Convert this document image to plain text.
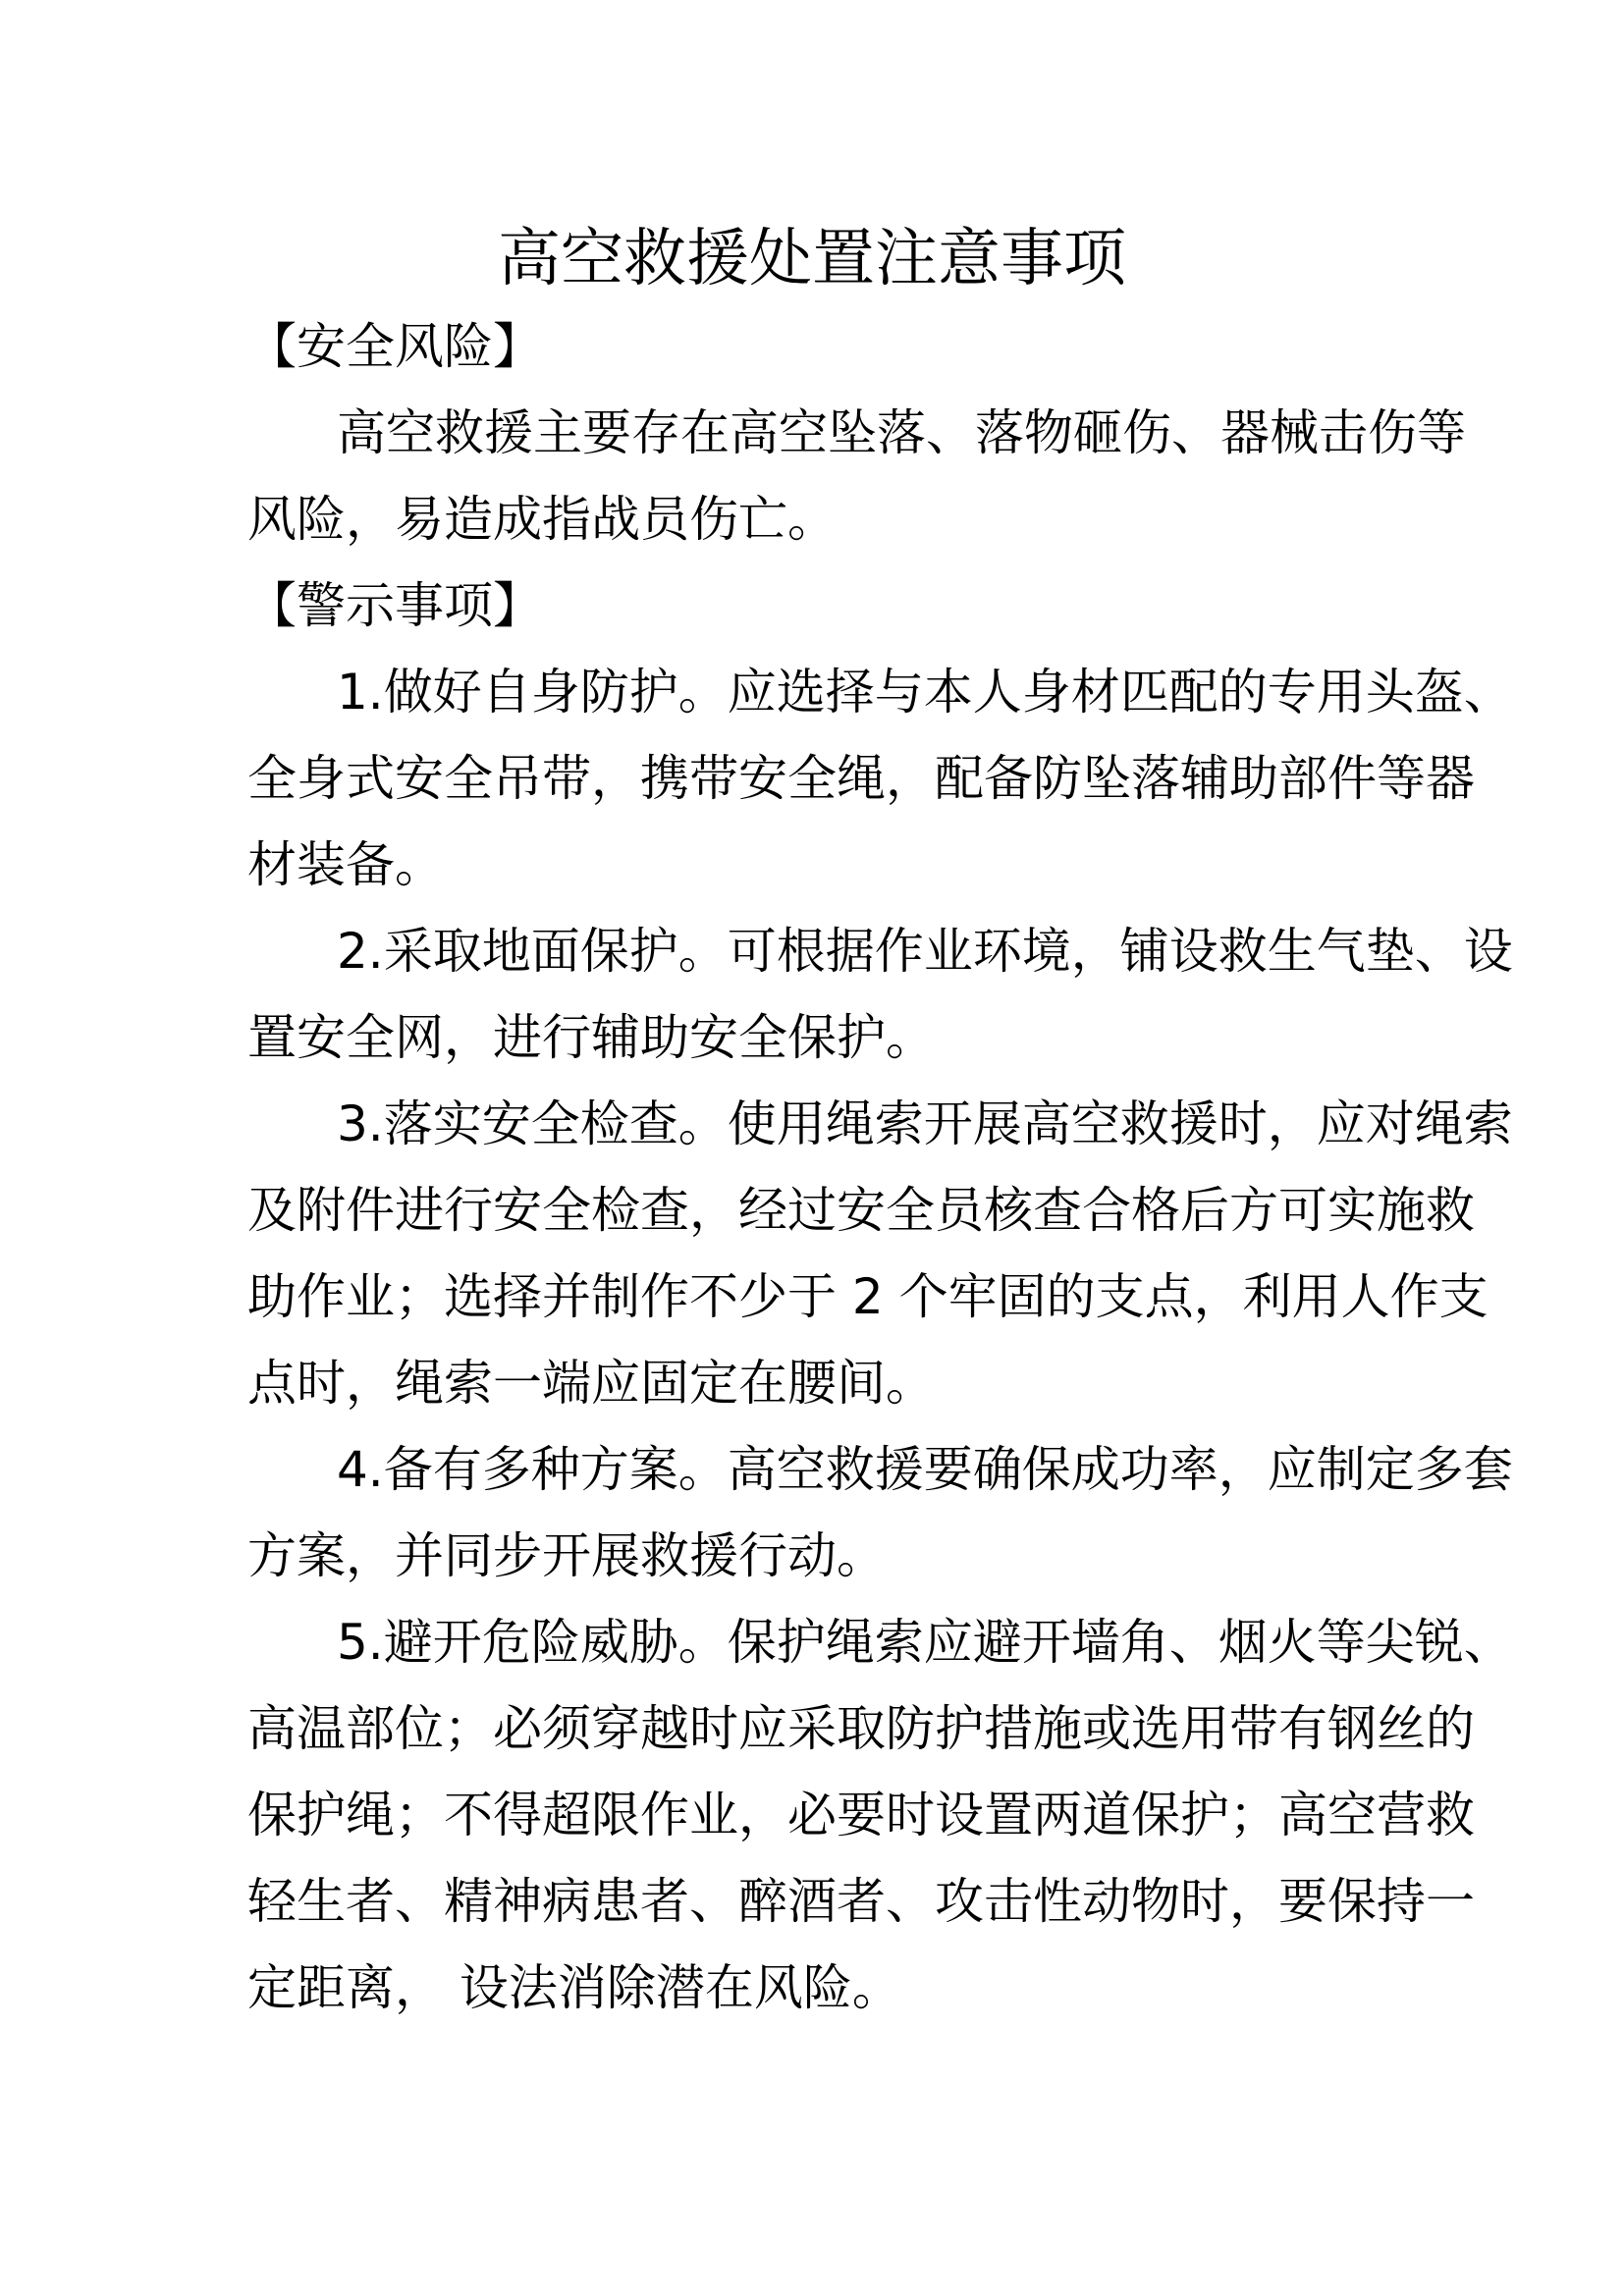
高空救援处置注意事项
【安全风险】
高空救援主要存在高空坠落、落物砸伤、器械击伤等
风险，易造成指战员伤亡。
【警示事项】
1.做好自身防护。应选择与本人身材匹配的专用头盔、
全身式安全吊带，携带安全绳，配备防坠落辅助部件等器
材装备。
2.采取地面保护。可根据作业环境，铺设救生气垫、设
置安全网，进行辅助安全保护。
3.落实安全检查。使用绳索开展高空救援时，应对绳索
及附件进行安全检查，经过安全员核查合格后方可实施救
助作业；选择并制作不少于 2 个牢固的支点，利用人作支
点时，绳索一端应固定在腰间。
4.备有多种方案。高空救援要确保成功率，应制定多套
方案，并同步开展救援行动。
5.避开危险威胁。保护绳索应避开墙角、烟火等尖锐、
高温部位；必须穿越时应采取防护措施或选用带有钢丝的
保护绳；不得超限作业，必要时设置两道保护；高空营救
轻生者、精神病患者、醉酒者、攻击性动物时，要保持一
定距离， 设法消除潜在风险。
